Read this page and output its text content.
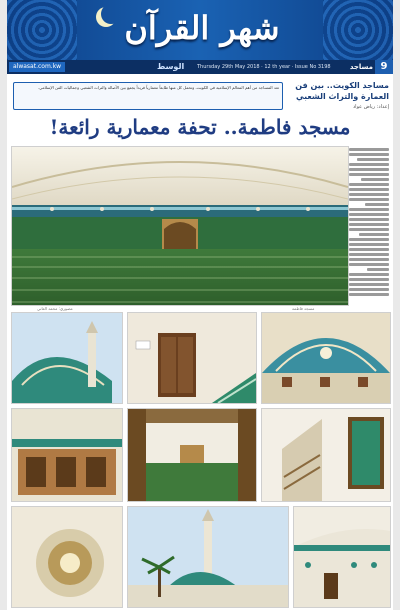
شهر القرآن
alwasat.com.kw	الوسط	Thursday 29th May 2018 · 12 th year · Issue No 3198	مساجد 9
مساجد الكويت.. بين فن العمارة والتراث الشعبي
إعداد: رياض عواد
تعد المساجد من أهم المعالم الإسلامية في الكويت، وتحمل كل منها طابعاً معمارياً فريداً يجمع بين الأصالة والتراث الشعبي وجماليات الفن الإسلامي.
مسجد فاطمة.. تحفة معمارية رائعة!
مصوري: محمد العاني	مسجد فاطمة
